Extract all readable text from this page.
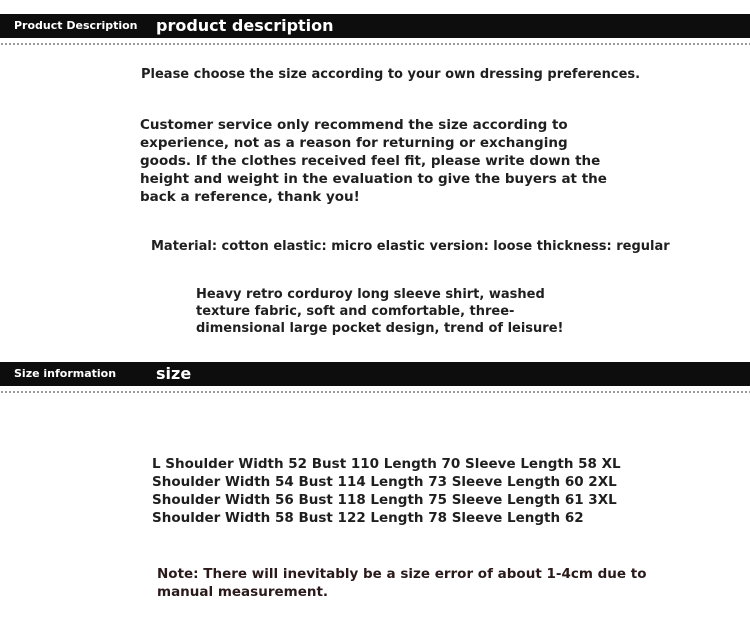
Product Description product description
Please choose the size according to your own dressing preferences.
Customer service only recommend the size according to
experience, not as a reason for returning or exchanging
goods. If the clothes received feel fit, please write down the
height and weight in the evaluation to give the buyers at the
back a reference, thank you!
Material: cotton elastic: micro elastic version: loose thickness: regular
Heavy retro corduroy long sleeve shirt, washed
texture fabric, soft and comfortable, three-
dimensional large pocket design, trend of leisure!
Size information size
L Shoulder Width 52 Bust 110 Length 70 Sleeve Length 58 XL
Shoulder Width 54 Bust 114 Length 73 Sleeve Length 60 2XL
Shoulder Width 56 Bust 118 Length 75 Sleeve Length 61 3XL
Shoulder Width 58 Bust 122 Length 78 Sleeve Length 62
Note: There will inevitably be a size error of about 1-4cm due to
manual measurement.
